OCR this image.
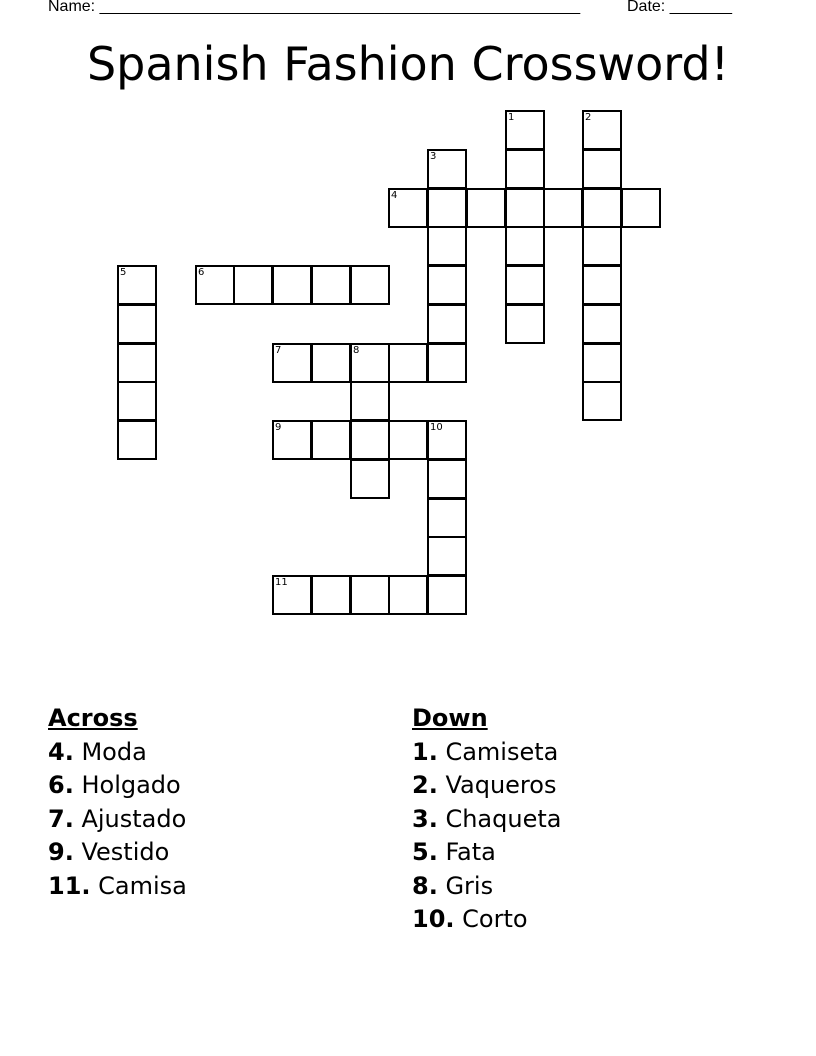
Name: ______________________________________________________	Date: _______
Spanish Fashion Crossword!
1	2
3
4
5	6
7	8
9	10
11
Across
4. Moda
6. Holgado
7. Ajustado
9. Vestido
11. Camisa
Down
1. Camiseta
2. Vaqueros
3. Chaqueta
5. Fata
8. Gris
10. Corto
